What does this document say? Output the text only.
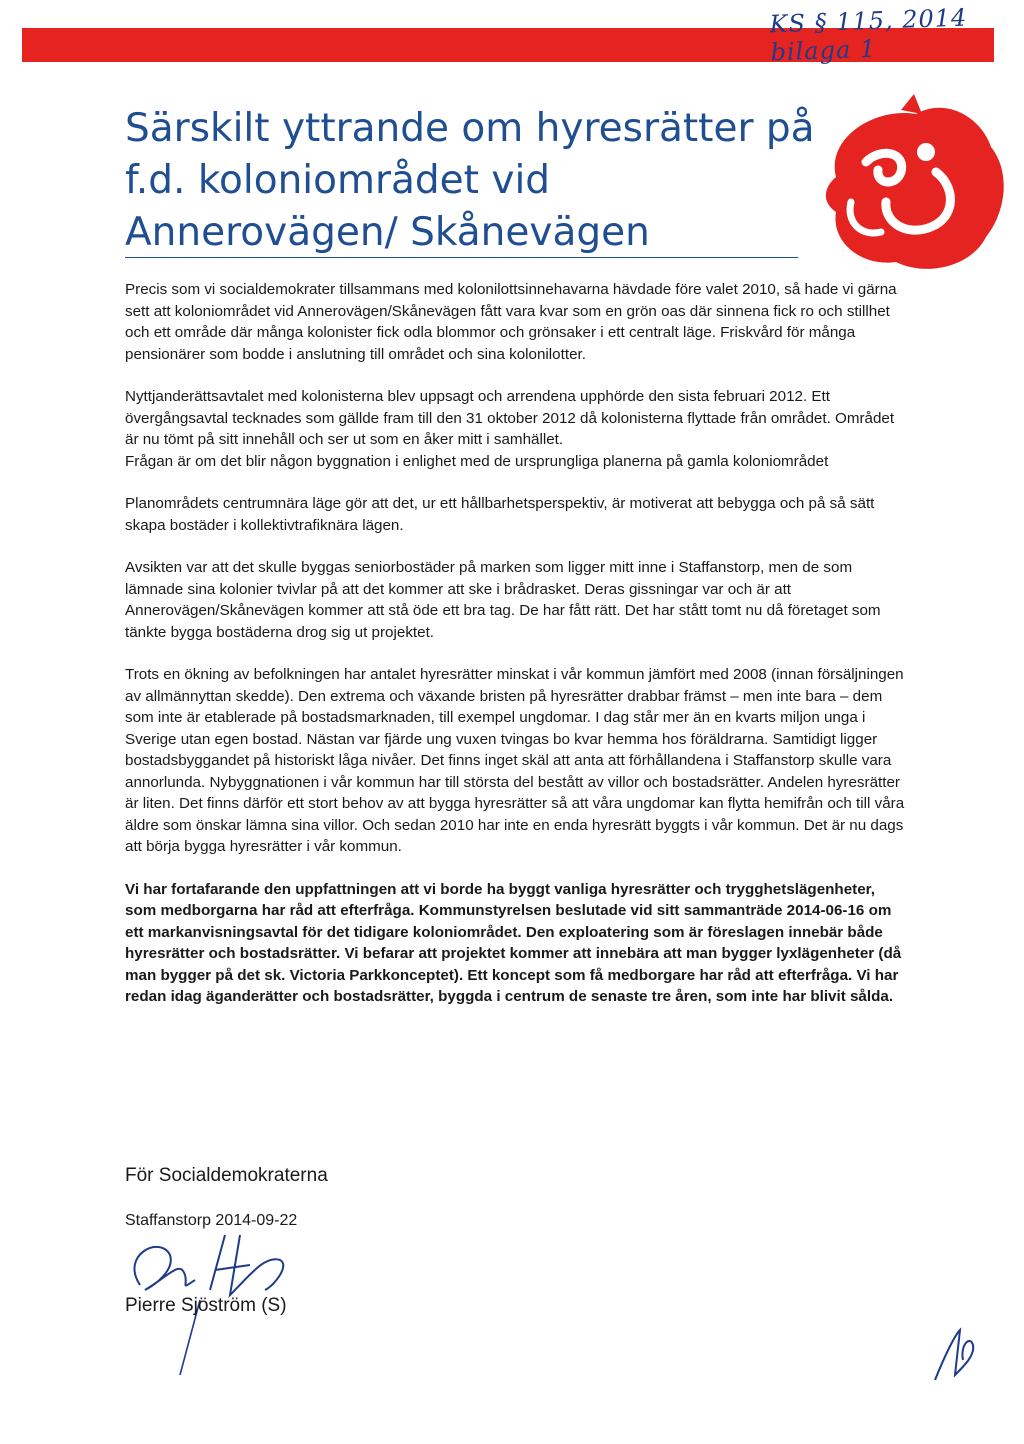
KS § 115, 2014 bilaga 1
Särskilt yttrande om hyresrätter på f.d. koloniområdet vid Annerovägen/ Skånevägen

Precis som vi socialdemokrater tillsammans med kolonilottsinnehavarna hävdade före valet 2010, så hade vi gärna sett att koloniområdet vid Annerovägen/Skånevägen fått vara kvar som en grön oas där sinnena fick ro och stillhet och ett område där många kolonister fick odla blommor och grönsaker i ett centralt läge. Friskvård för många pensionärer som bodde i anslutning till området och sina kolonilotter.

Nyttjanderättsavtalet med kolonisterna blev uppsagt och arrendena upphörde den sista februari 2012. Ett övergångsavtal tecknades som gällde fram till den 31 oktober 2012 då kolonisterna flyttade från området. Området är nu tömt på sitt innehåll och ser ut som en åker mitt i samhället.

Frågan är om det blir någon byggnation i enlighet med de ursprungliga planerna på gamla koloniområdet

Planområdets centrumnära läge gör att det, ur ett hållbarhetsperspektiv, är motiverat att bebygga och på så sätt skapa bostäder i kollektivtrafiknära lägen.

Avsikten var att det skulle byggas seniorbostäder på marken som ligger mitt inne i Staffanstorp, men de som lämnade sina kolonier tvivlar på att det kommer att ske i brådrasket. Deras gissningar var och är att Annerovägen/Skånevägen kommer att stå öde ett bra tag. De har fått rätt. Det har stått tomt nu då företaget som tänkte bygga bostäderna drog sig ut projektet.

Trots en ökning av befolkningen har antalet hyresrätter minskat i vår kommun jämfört med 2008 (innan försäljningen av allmännyttan skedde). Den extrema och växande bristen på hyresrätter drabbar främst – men inte bara – dem som inte är etablerade på bostadsmarknaden, till exempel ungdomar. I dag står mer än en kvarts miljon unga i Sverige utan egen bostad. Nästan var fjärde ung vuxen tvingas bo kvar hemma hos föräldrarna. Samtidigt ligger bostadsbyggandet på historiskt låga nivåer. Det finns inget skäl att anta att förhållandena i Staffanstorp skulle vara annorlunda. Nybyggnationen i vår kommun har till största del bestått av villor och bostadsrätter. Andelen hyresrätter är liten. Det finns därför ett stort behov av att bygga hyresrätter så att våra ungdomar kan flytta hemifrån och till våra äldre som önskar lämna sina villor. Och sedan 2010 har inte en enda hyresrätt byggts i vår kommun. Det är nu dags att börja bygga hyresrätter i vår kommun.

Vi har fortafarande den uppfattningen att vi borde ha byggt vanliga hyresrätter och trygghetslägenheter, som medborgarna har råd att efterfråga. Kommunstyrelsen beslutade vid sitt sammanträde 2014-06-16 om ett markanvisningsavtal för det tidigare koloniområdet. Den exploatering som är föreslagen innebär både hyresrätter och bostadsrätter. Vi befarar att projektet kommer att innebära att man bygger lyxlägenheter (då man bygger på det sk. Victoria Parkkonceptet). Ett koncept som få medborgare har råd att efterfråga. Vi har redan idag äganderätter och bostadsrätter, byggda i centrum de senaste tre åren, som inte har blivit sålda.

För Socialdemokraterna
Staffanstorp 2014-09-22
Pierre Sjöström (S)
